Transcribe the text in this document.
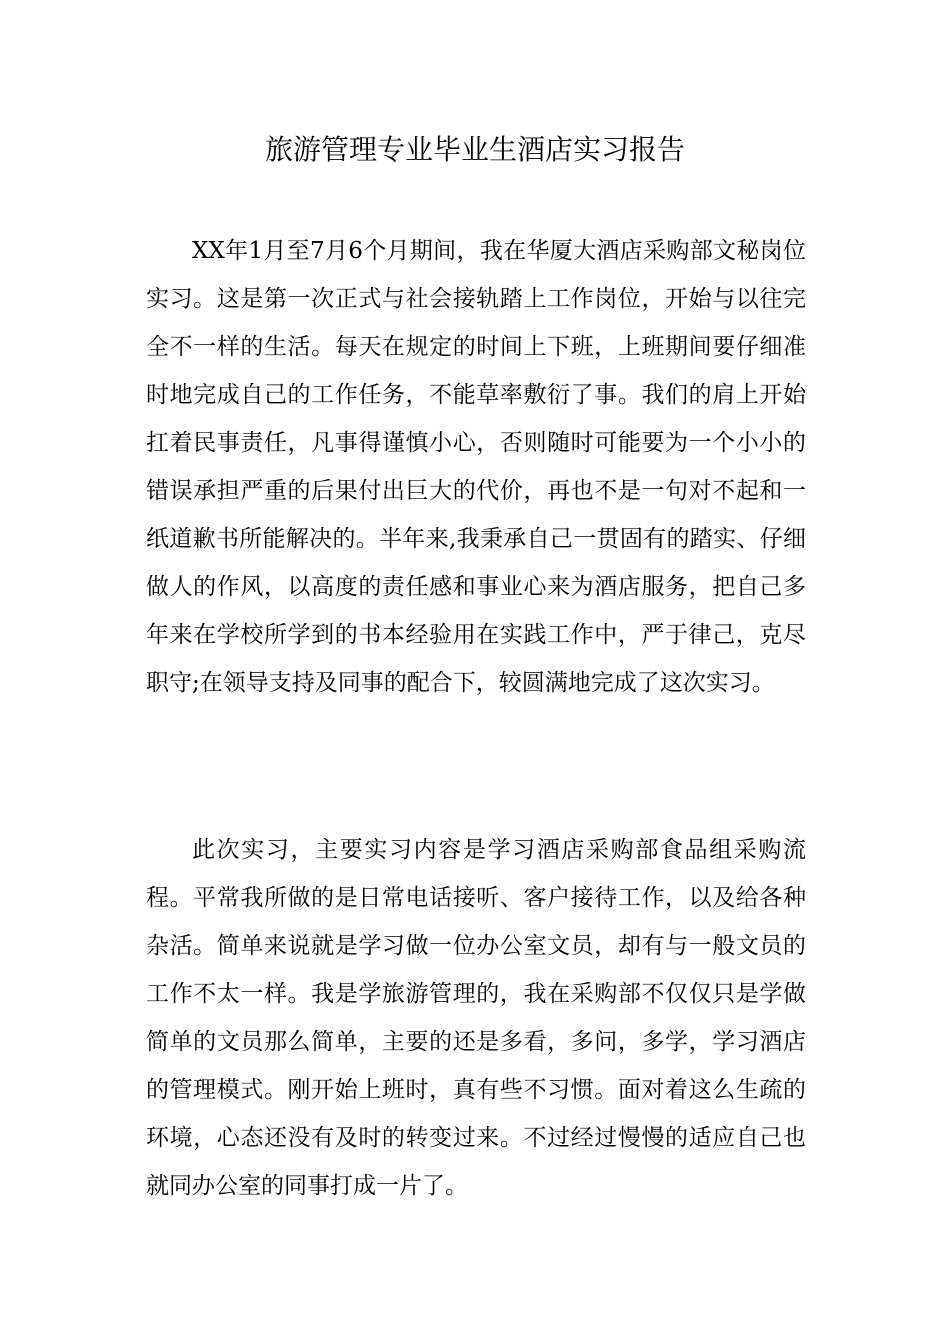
旅游管理专业毕业生酒店实习报告

XX年1月至7月6个月期间，我在华厦大酒店采购部文秘岗位实习。这是第一次正式与社会接轨踏上工作岗位，开始与以往完全不一样的生活。每天在规定的时间上下班，上班期间要仔细准时地完成自己的工作任务，不能草率敷衍了事。我们的肩上开始扛着民事责任，凡事得谨慎小心，否则随时可能要为一个小小的错误承担严重的后果付出巨大的代价，再也不是一句对不起和一纸道歉书所能解决的。半年来,我秉承自己一贯固有的踏实、仔细做人的作风，以高度的责任感和事业心来为酒店服务，把自己多年来在学校所学到的书本经验用在实践工作中，严于律己，克尽职守;在领导支持及同事的配合下，较圆满地完成了这次实习。

此次实习，主要实习内容是学习酒店采购部食品组采购流程。平常我所做的是日常电话接听、客户接待工作，以及给各种杂活。简单来说就是学习做一位办公室文员，却有与一般文员的工作不太一样。我是学旅游管理的，我在采购部不仅仅只是学做简单的文员那么简单，主要的还是多看，多问，多学，学习酒店的管理模式。刚开始上班时，真有些不习惯。面对着这么生疏的环境，心态还没有及时的转变过来。不过经过慢慢的适应自己也就同办公室的同事打成一片了。
